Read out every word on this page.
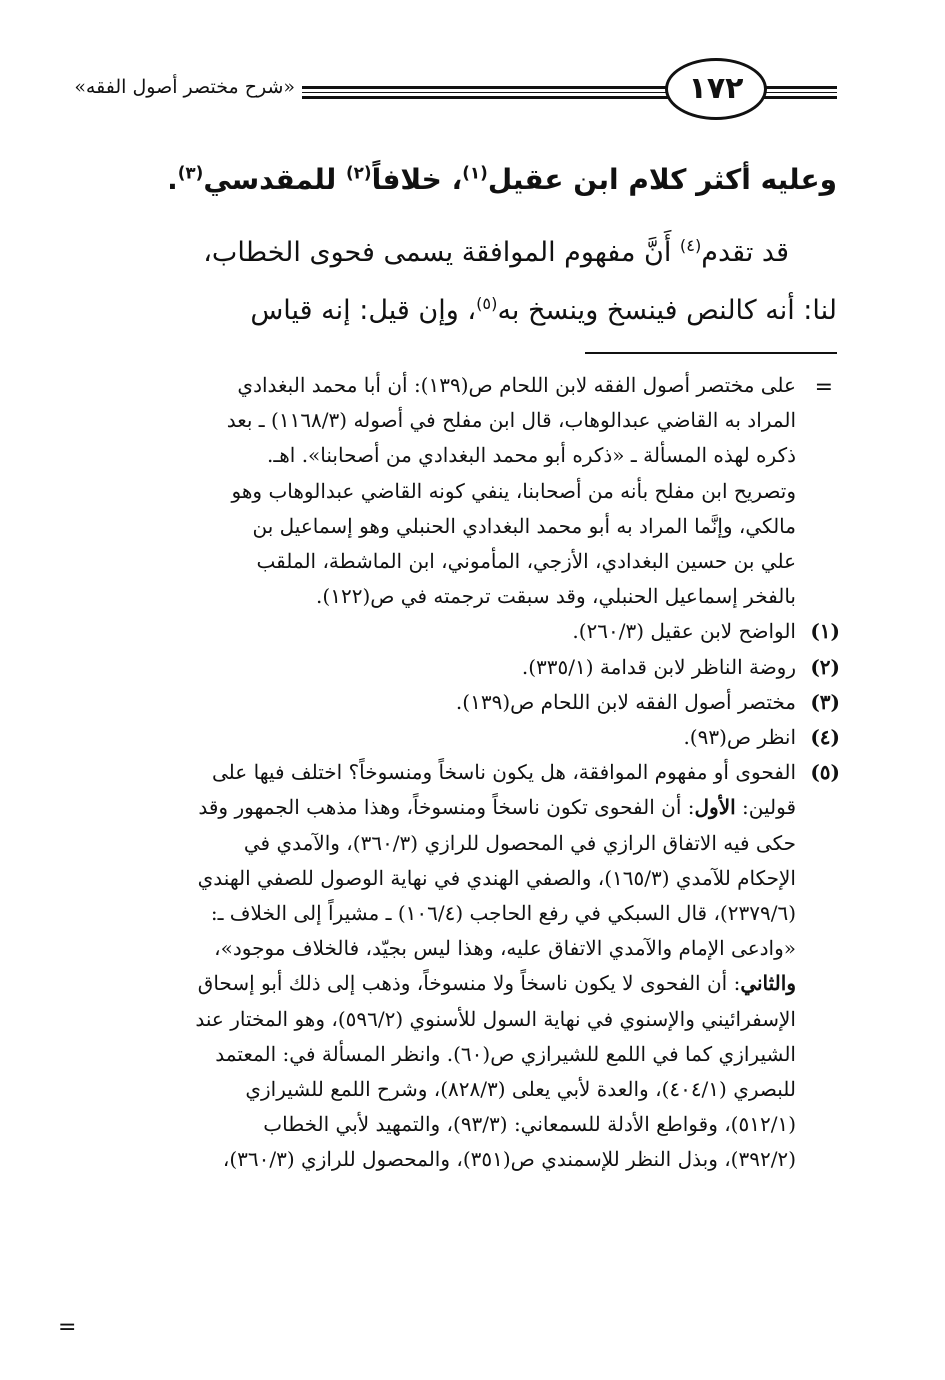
١٧٢
«شرح مختصر أصول الفقه»
وعليه أكثر كلام ابن عقيل$^{(١)}$، خلافاً$^{(٢)}$ للمقدسي$^{(٣)}$.
قد تقدم$^{(٤)}$ أَنَّ مفهوم الموافقة يسمى فحوى الخطاب،
لنا: أنه كالنص فينسخ وينسخ به$^{(٥)}$، وإن قيل: إنه قياس
=
على مختصر أصول الفقه لابن اللحام ص(١٣٩): أن أبا محمد البغدادي
المراد به القاضي عبدالوهاب، قال ابن مفلح في أصوله (١١٦٨/٣) ـ بعد
ذكره لهذه المسألة ـ «ذكره أبو محمد البغدادي من أصحابنا». اهـ.
وتصريح ابن مفلح بأنه من أصحابنا، ينفي كونه القاضي عبدالوهاب وهو
مالكي، وإنَّما المراد به أبو محمد البغدادي الحنبلي وهو إسماعيل بن
علي بن حسين البغدادي، الأزجي، المأموني، ابن الماشطة، الملقب
بالفخر إسماعيل الحنبلي، وقد سبقت ترجمته في ص(١٢٢).
(١)الواضح لابن عقيل (٢٦٠/٣).
(٢)روضة الناظر لابن قدامة (٣٣٥/١).
(٣)مختصر أصول الفقه لابن اللحام ص(١٣٩).
(٤)انظر ص(٩٣).
(٥)الفحوى أو مفهوم الموافقة، هل يكون ناسخاً ومنسوخاً؟ اختلف فيها على
قولين: الأول: أن الفحوى تكون ناسخاً ومنسوخاً، وهذا مذهب الجمهور وقد
حكى فيه الاتفاق الرازي في المحصول للرازي (٣٦٠/٣)، والآمدي في
الإحكام للآمدي (١٦٥/٣)، والصفي الهندي في نهاية الوصول للصفي الهندي
(٢٣٧٩/٦)، قال السبكي في رفع الحاجب (١٠٦/٤) ـ مشيراً إلى الخلاف ـ:
«وادعى الإمام والآمدي الاتفاق عليه، وهذا ليس بجيّد، فالخلاف موجود»،
والثاني: أن الفحوى لا يكون ناسخاً ولا منسوخاً، وذهب إلى ذلك أبو إسحاق
الإسفرائيني والإسنوي في نهاية السول للأسنوي (٥٩٦/٢)، وهو المختار عند
الشيرازي كما في اللمع للشيرازي ص(٦٠). وانظر المسألة في: المعتمد
للبصري (٤٠٤/١)، والعدة لأبي يعلى (٨٢٨/٣)، وشرح اللمع للشيرازي
(٥١٢/١)، وقواطع الأدلة للسمعاني: (٩٣/٣)، والتمهيد لأبي الخطاب
(٣٩٢/٢)، وبذل النظر للإسمندي ص(٣٥١)، والمحصول للرازي (٣٦٠/٣)،
=
